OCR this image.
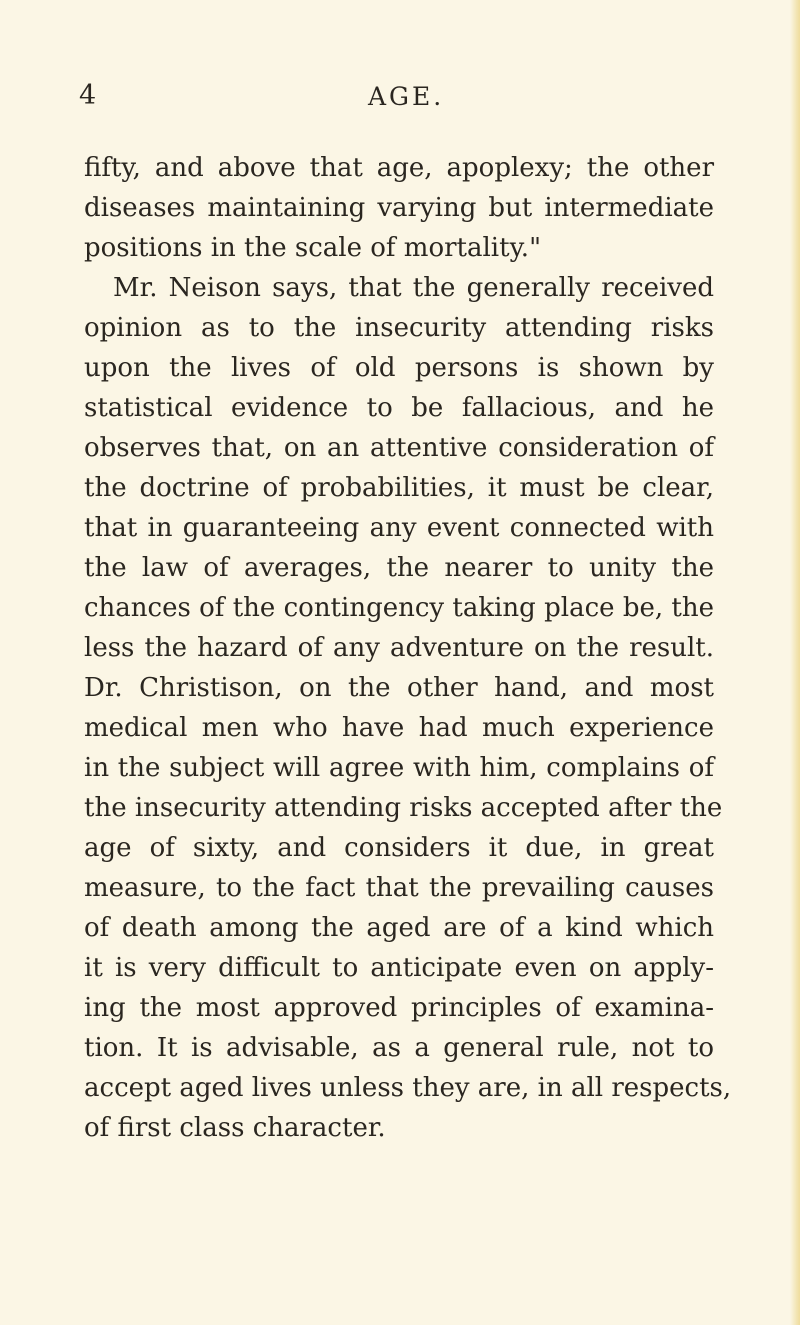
4	AGE.
fifty, and above that age, apoplexy; the other
diseases maintaining varying but intermediate
positions in the scale of mortality."
Mr. Neison says, that the generally received
opinion as to the insecurity attending risks
upon the lives of old persons is shown by
statistical evidence to be fallacious, and he
observes that, on an attentive consideration of
the doctrine of probabilities, it must be clear,
that in guaranteeing any event connected with
the law of averages, the nearer to unity the
chances of the contingency taking place be, the
less the hazard of any adventure on the result.
Dr. Christison, on the other hand, and most
medical men who have had much experience
in the subject will agree with him, complains of
the insecurity attending risks accepted after the
age of sixty, and considers it due, in great
measure, to the fact that the prevailing causes
of death among the aged are of a kind which
it is very difficult to anticipate even on apply-
ing the most approved principles of examina-
tion. It is advisable, as a general rule, not to
accept aged lives unless they are, in all respects,
of first class character.
